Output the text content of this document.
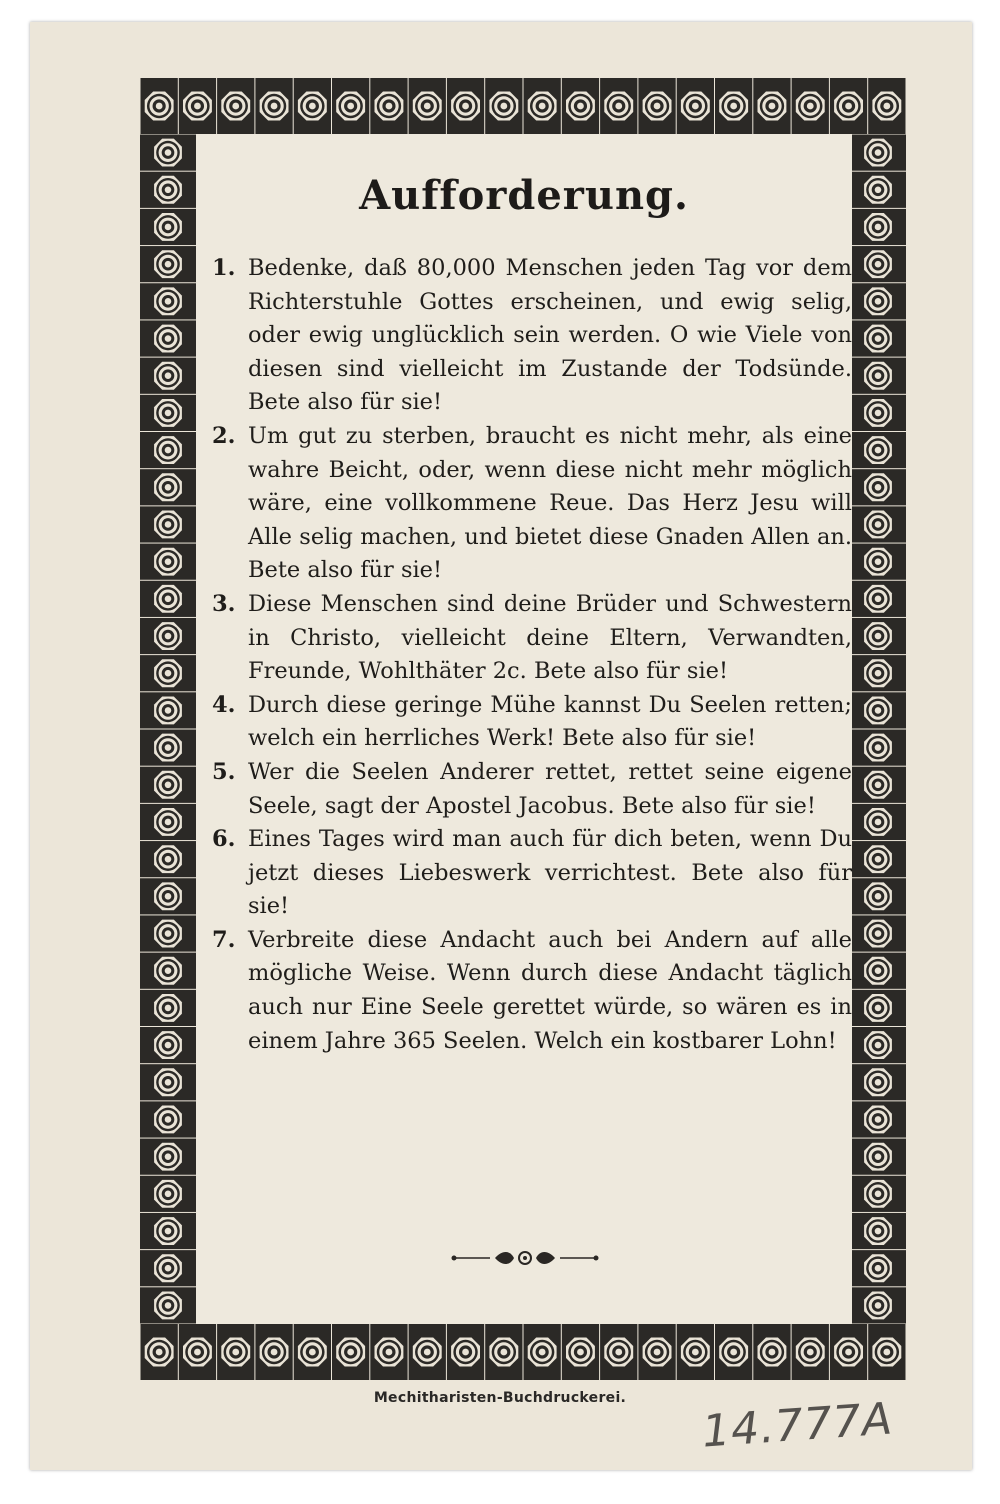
Aufforderung.
1. Bedenke, daß 80,000 Menschen jeden Tag vor dem Richterstuhle Gottes erscheinen, und ewig selig, oder ewig unglücklich sein werden. O wie Viele von diesen sind vielleicht im Zustande der Todsünde. Bete also für sie!
2. Um gut zu sterben, braucht es nicht mehr, als eine wahre Beicht, oder, wenn diese nicht mehr möglich wäre, eine vollkommene Reue. Das Herz Jesu will Alle selig machen, und bietet diese Gnaden Allen an. Bete also für sie!
3. Diese Menschen sind deine Brüder und Schwestern in Christo, vielleicht deine Eltern, Verwandten, Freunde, Wohlthäter 2c. Bete also für sie!
4. Durch diese geringe Mühe kannst Du Seelen retten; welch ein herrliches Werk! Bete also für sie!
5. Wer die Seelen Anderer rettet, rettet seine eigene Seele, sagt der Apostel Jacobus. Bete also für sie!
6. Eines Tages wird man auch für dich beten, wenn Du jetzt dieses Liebeswerk verrichtest. Bete also für sie!
7. Verbreite diese Andacht auch bei Andern auf alle mögliche Weise. Wenn durch diese Andacht täglich auch nur Eine Seele gerettet würde, so wären es in einem Jahre 365 Seelen. Welch ein kostbarer Lohn!
Mechitharisten-Buchdruckerei.	14.777A
